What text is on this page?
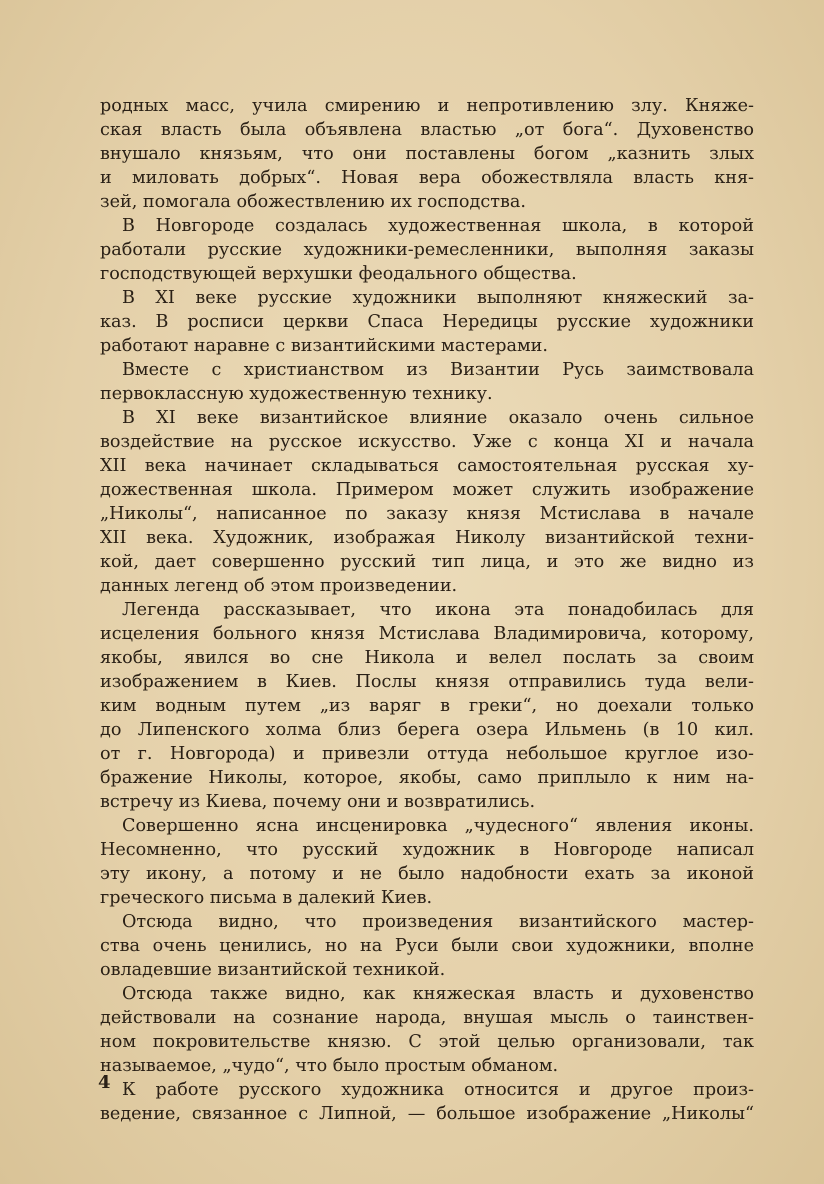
родных масс, учила смирению и непротивлению злу. Княже-
ская власть была объявлена властью „от бога“. Духовенство
внушало князьям, что они поставлены богом „казнить злых
и миловать добрых“. Новая вера обожествляла власть кня-
зей, помогала обожествлению их господства.
В Новгороде создалась художественная школа, в которой
работали русские художники-ремесленники, выполняя заказы
господствующей верхушки феодального общества.
В XI веке русские художники выполняют княжеский за-
каз. В росписи церкви Спаса Нередицы русские художники
работают наравне с византийскими мастерами.
Вместе с христианством из Византии Русь заимствовала
первоклассную художественную технику.
В XI веке византийское влияние оказало очень сильное
воздействие на русское искусство. Уже с конца XI и начала
XII века начинает складываться самостоятельная русская ху-
дожественная школа. Примером может служить изображение
„Николы“, написанное по заказу князя Мстислава в начале
XII века. Художник, изображая Николу византийской техни-
кой, дает совершенно русский тип лица, и это же видно из
данных легенд об этом произведении.
Легенда рассказывает, что икона эта понадобилась для
исцеления больного князя Мстислава Владимировича, которому,
якобы, явился во сне Никола и велел послать за своим
изображением в Киев. Послы князя отправились туда вели-
ким водным путем „из варяг в греки“, но доехали только
до Липенского холма близ берега озера Ильмень (в 10 кил.
от г. Новгорода) и привезли оттуда небольшое круглое изо-
бражение Николы, которое, якобы, само приплыло к ним на-
встречу из Киева, почему они и возвратились.
Совершенно ясна инсценировка „чудесного“ явления иконы.
Несомненно, что русский художник в Новгороде написал
эту икону, а потому и не было надобности ехать за иконой
греческого письма в далекий Киев.
Отсюда видно, что произведения византийского мастер-
ства очень ценились, но на Руси были свои художники, вполне
овладевшие византийской техникой.
Отсюда также видно, как княжеская власть и духовенство
действовали на сознание народа, внушая мысль о таинствен-
ном покровительстве князю. С этой целью организовали, так
называемое, „чудо“, что было простым обманом.
К работе русского художника относится и другое произ-
ведение, связанное с Липной, — большое изображение „Николы“
4
